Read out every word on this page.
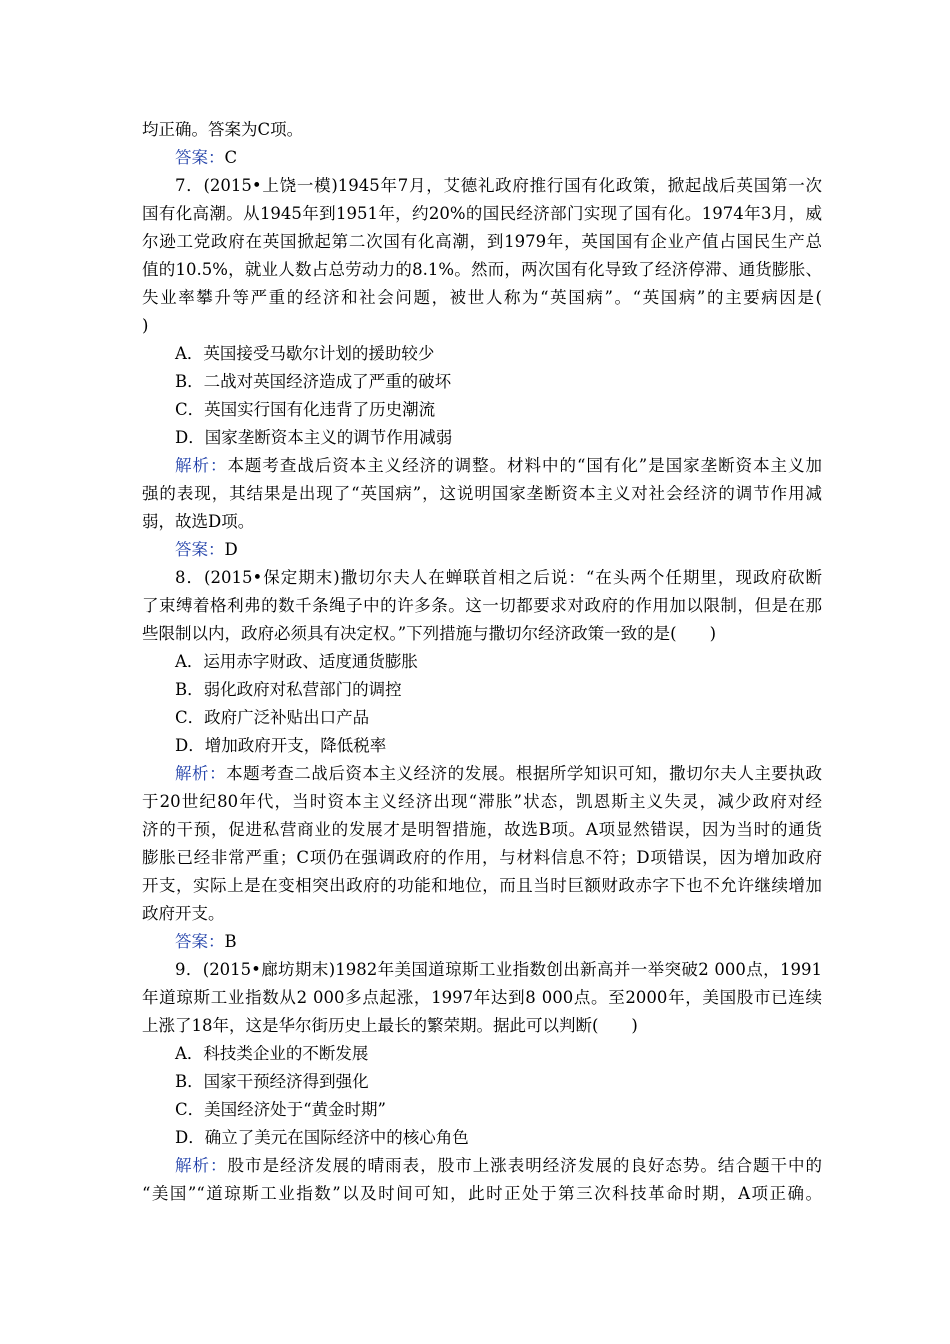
均正确。答案为C项。
答案：C
7．(2015•上饶一模)1945年7月，艾德礼政府推行国有化政策，掀起战后英国第一次
国有化高潮。从1945年到1951年，约20%的国民经济部门实现了国有化。1974年3月，威
尔逊工党政府在英国掀起第二次国有化高潮，到1979年，英国国有企业产值占国民生产总
值的10.5%，就业人数占总劳动力的8.1%。然而，两次国有化导致了经济停滞、通货膨胀、
失业率攀升等严重的经济和社会问题，被世人称为“英国病”。“英国病”的主要病因是(
)
A．英国接受马歇尔计划的援助较少
B．二战对英国经济造成了严重的破坏
C．英国实行国有化违背了历史潮流
D．国家垄断资本主义的调节作用减弱
解析：本题考查战后资本主义经济的调整。材料中的“国有化”是国家垄断资本主义加
强的表现，其结果是出现了“英国病”，这说明国家垄断资本主义对社会经济的调节作用减
弱，故选D项。
答案：D
8．(2015•保定期末)撒切尔夫人在蝉联首相之后说：“在头两个任期里，现政府砍断
了束缚着格利弗的数千条绳子中的许多条。这一切都要求对政府的作用加以限制，但是在那
些限制以内，政府必须具有决定权。”下列措施与撒切尔经济政策一致的是(　　)
A．运用赤字财政、适度通货膨胀
B．弱化政府对私营部门的调控
C．政府广泛补贴出口产品
D．增加政府开支，降低税率
解析：本题考查二战后资本主义经济的发展。根据所学知识可知，撒切尔夫人主要执政
于20世纪80年代，当时资本主义经济出现“滞胀”状态，凯恩斯主义失灵，减少政府对经
济的干预，促进私营商业的发展才是明智措施，故选B项。A项显然错误，因为当时的通货
膨胀已经非常严重；C项仍在强调政府的作用，与材料信息不符；D项错误，因为增加政府
开支，实际上是在变相突出政府的功能和地位，而且当时巨额财政赤字下也不允许继续增加
政府开支。
答案：B
9．(2015•廊坊期末)1982年美国道琼斯工业指数创出新高并一举突破2 000点，1991
年道琼斯工业指数从2 000多点起涨，1997年达到8 000点。至2000年，美国股市已连续
上涨了18年，这是华尔街历史上最长的繁荣期。据此可以判断(　　)
A．科技类企业的不断发展
B．国家干预经济得到强化
C．美国经济处于“黄金时期”
D．确立了美元在国际经济中的核心角色
解析：股市是经济发展的晴雨表，股市上涨表明经济发展的良好态势。结合题干中的
“美国”“道琼斯工业指数”以及时间可知，此时正处于第三次科技革命时期，A项正确。
